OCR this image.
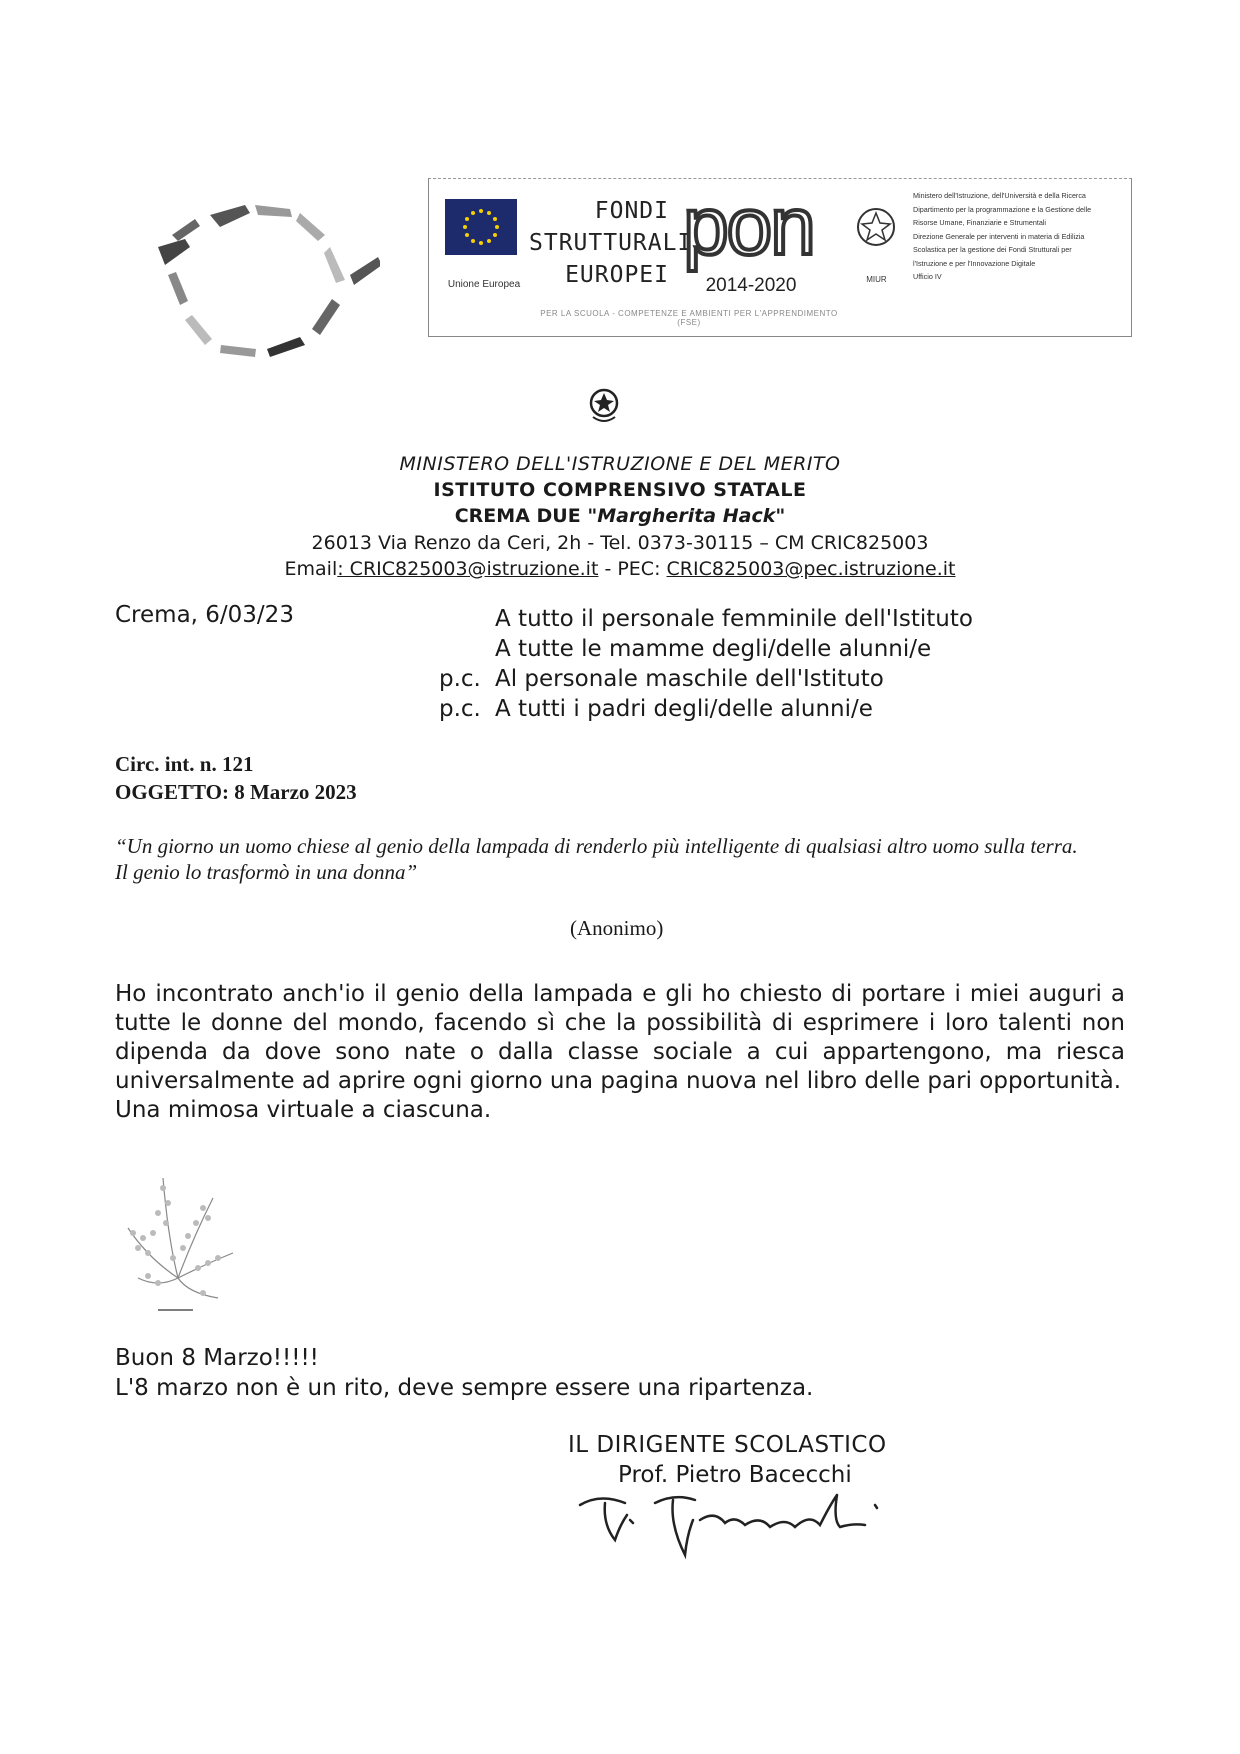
Unione Europea
FONDI
STRUTTURALI
EUROPEI
pon
2014-2020
PER LA SCUOLA - COMPETENZE E AMBIENTI PER L'APPRENDIMENTO (FSE)
MIUR
Ministero dell'Istruzione, dell'Università e della Ricerca
Dipartimento per la programmazione e la Gestione delle
Risorse Umane, Finanziarie e Strumentali
Direzione Generale per interventi in materia di Edilizia
Scolastica per la gestione dei Fondi Strutturali per
l'Istruzione e per l'Innovazione Digitale
Ufficio IV
MINISTERO DELL'ISTRUZIONE E DEL MERITO
ISTITUTO COMPRENSIVO STATALE
CREMA DUE "Margherita Hack"
26013 Via Renzo da Ceri, 2h - Tel. 0373-30115 – CM CRIC825003
Email: CRIC825003@istruzione.it - PEC: CRIC825003@pec.istruzione.it
Crema, 6/03/23	A tutto il personale femminile dell'Istituto
A tutte le mamme degli/delle alunni/e
p.c. Al personale maschile dell'Istituto
p.c. A tutti i padri degli/delle alunni/e
Circ. int. n. 121
OGGETTO: 8 Marzo 2023
“Un giorno un uomo chiese al genio della lampada di renderlo più intelligente di qualsiasi altro uomo sulla terra.
Il genio lo trasformò in una donna”
(Anonimo)
Ho incontrato anch'io il genio della lampada e gli ho chiesto di portare i miei auguri a tutte le donne del mondo, facendo sì che la possibilità di esprimere i loro talenti non dipenda da dove sono nate o dalla classe sociale a cui appartengono, ma riesca universalmente ad aprire ogni giorno una pagina nuova nel libro delle pari opportunità.
Una mimosa virtuale a ciascuna.
Buon 8 Marzo!!!!!
L'8 marzo non è un rito, deve sempre essere una ripartenza.
IL DIRIGENTE SCOLASTICO
Prof. Pietro Bacecchi
